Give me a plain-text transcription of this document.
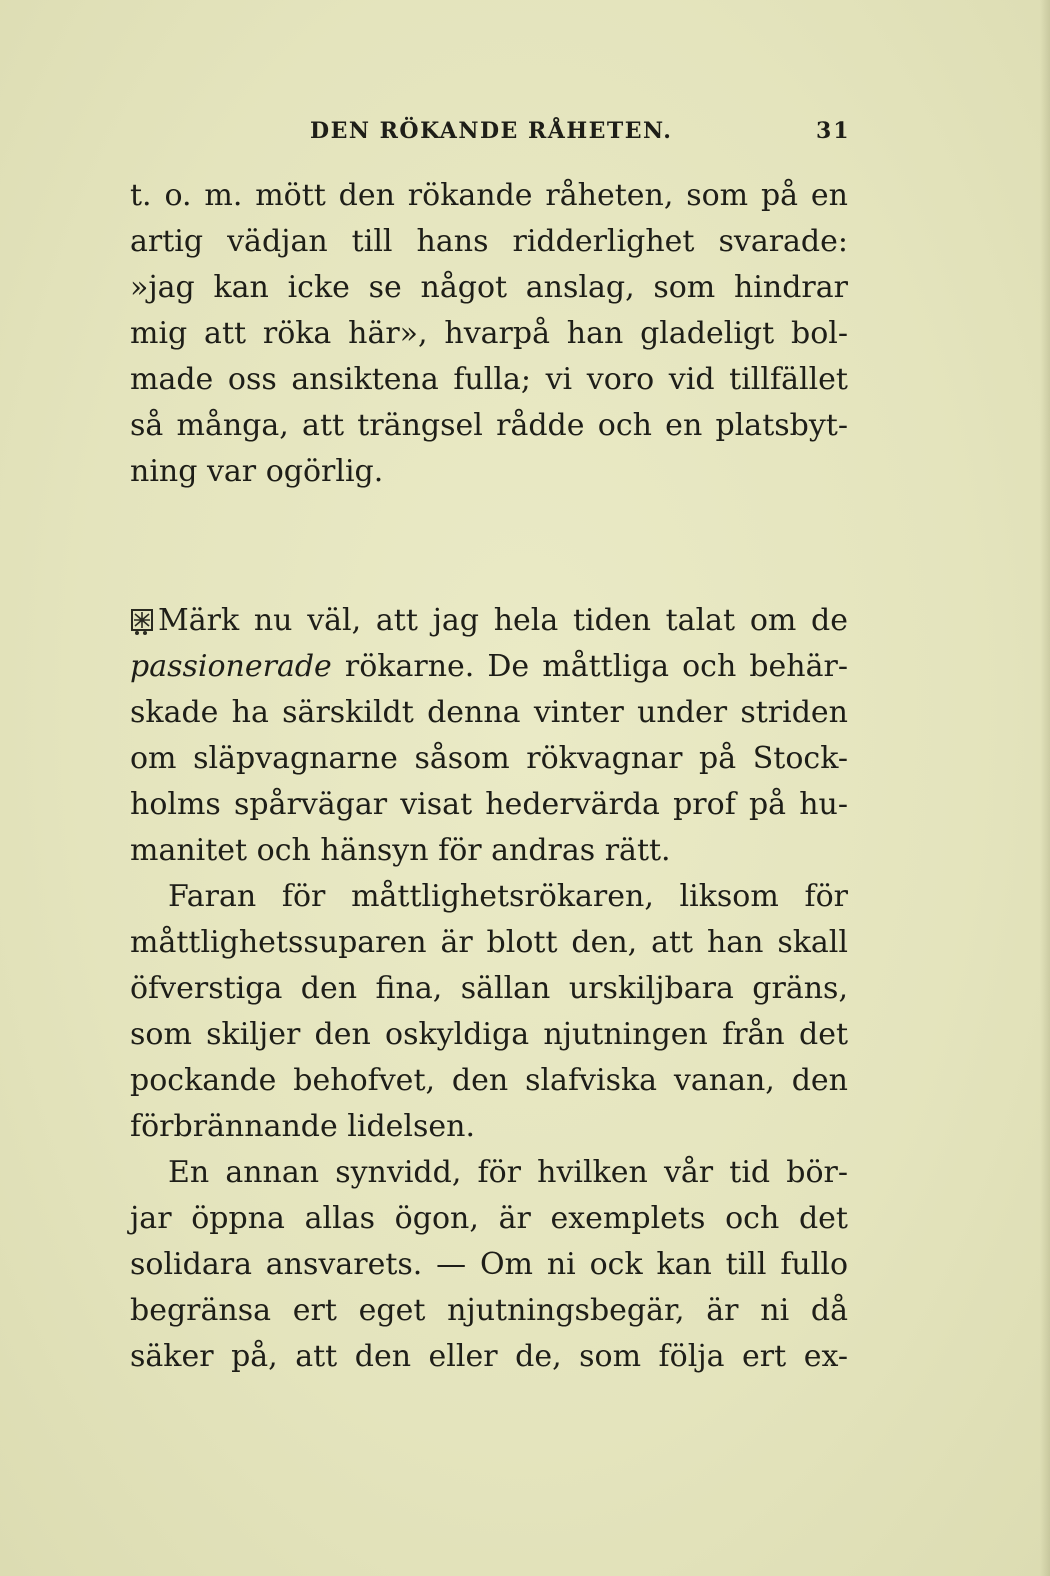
DEN RÖKANDE RÅHETEN.	31
t. o. m. mött den rökande råheten, som på en
artig vädjan till hans ridderlighet svarade:
»jag kan icke se något anslag, som hindrar
mig att röka här», hvarpå han gladeligt bol-
made oss ansiktena fulla; vi voro vid tillfället
så många, att trängsel rådde och en platsbyt-
ning var ogörlig.
Märk nu väl, att jag hela tiden talat om de
passionerade rökarne. De måttliga och behär-
skade ha särskildt denna vinter under striden
om släpvagnarne såsom rökvagnar på Stock-
holms spårvägar visat hedervärda prof på hu-
manitet och hänsyn för andras rätt.
Faran för måttlighetsrökaren, liksom för
måttlighetssuparen är blott den, att han skall
öfverstiga den fina, sällan urskiljbara gräns,
som skiljer den oskyldiga njutningen från det
pockande behofvet, den slafviska vanan, den
förbrännande lidelsen.
En annan synvidd, för hvilken vår tid bör-
jar öppna allas ögon, är exemplets och det
solidara ansvarets. — Om ni ock kan till fullo
begränsa ert eget njutningsbegär, är ni då
säker på, att den eller de, som följa ert ex-
